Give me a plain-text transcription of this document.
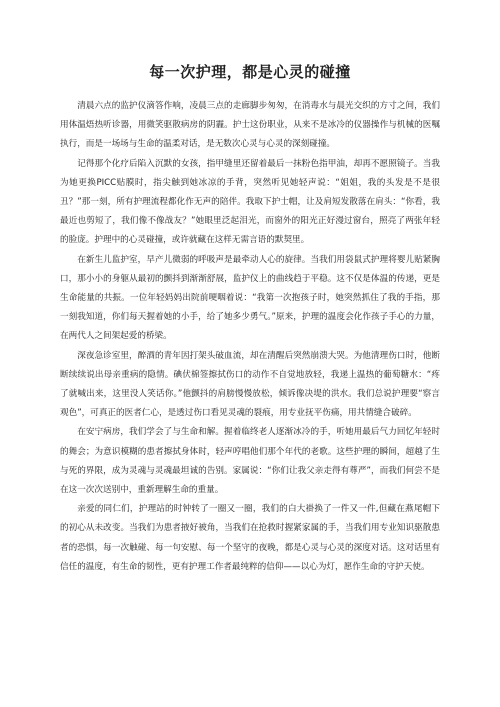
每一次护理，都是心灵的碰撞

清晨六点的监护仪滴答作响，凌晨三点的走廊脚步匆匆，在消毒水与晨光交织的方寸之间，我们用体温焐热听诊器，用微笑驱散病房的阴霾。护士这份职业，从来不是冰冷的仪器操作与机械的医嘱执行，而是一场场与生命的温柔对话，是无数次心灵与心灵的深刻碰撞。

记得那个化疗后陷入沉默的女孩，指甲缝里还留着最后一抹粉色指甲油，却再不愿照镜子。当我为她更换PICC贴膜时，指尖触到她冰凉的手背，突然听见她轻声说：“姐姐，我的头发是不是很丑？”那一刻，所有护理流程都化作无声的陪伴。我取下护士帽，让及肩短发散落在肩头：“你看，我最近也剪短了，我们像不像战友？”她眼里泛起泪光，而窗外的阳光正好漫过窗台，照亮了两张年轻的脸庞。护理中的心灵碰撞，或许就藏在这样无需言语的默契里。

在新生儿监护室，早产儿微弱的呼吸声是最牵动人心的旋律。当我们用袋鼠式护理将婴儿贴紧胸口，那小小的身躯从最初的颤抖到渐渐舒展，监护仪上的曲线趋于平稳。这不仅是体温的传递，更是生命能量的共振。一位年轻妈妈出院前哽咽着说：“我第一次抱孩子时，她突然抓住了我的手指，那一刻我知道，你们每天握着她的小手，给了她多少勇气。”原来，护理的温度会化作孩子手心的力量，在两代人之间架起爱的桥梁。

深夜急诊室里，醉酒的青年因打架头破血流，却在清醒后突然崩溃大哭。为他清理伤口时，他断断续续说出母亲重病的隐情。碘伏棉签擦拭伤口的动作不自觉地放轻，我递上温热的葡萄糖水：“疼了就喊出来，这里没人笑话你。”他颤抖的肩膀慢慢放松，倾诉像决堤的洪水。我们总说护理要“察言观色”，可真正的医者仁心，是透过伤口看见灵魂的裂痕，用专业抚平伤痛，用共情缝合破碎。

在安宁病房，我们学会了与生命和解。握着临终老人逐渐冰冷的手，听她用最后气力回忆年轻时的舞会；为意识模糊的患者擦拭身体时，轻声哼唱他们那个年代的老歌。这些护理的瞬间，超越了生与死的界限，成为灵魂与灵魂最坦诚的告别。家属说：“你们让我父亲走得有尊严”，而我们何尝不是在这一次次送别中，重新理解生命的重量。

亲爱的同仁们，护理站的时钟转了一圈又一圈，我们的白大褂换了一件又一件,但藏在燕尾帽下的初心从未改变。当我们为患者掖好被角，当我们在抢救时握紧家属的手，当我们用专业知识驱散患者的恐惧，每一次触碰、每一句安慰、每一个坚守的夜晚，都是心灵与心灵的深度对话。这对话里有信任的温度，有生命的韧性，更有护理工作者最纯粹的信仰——以心为灯，愿作生命的守护天使。
